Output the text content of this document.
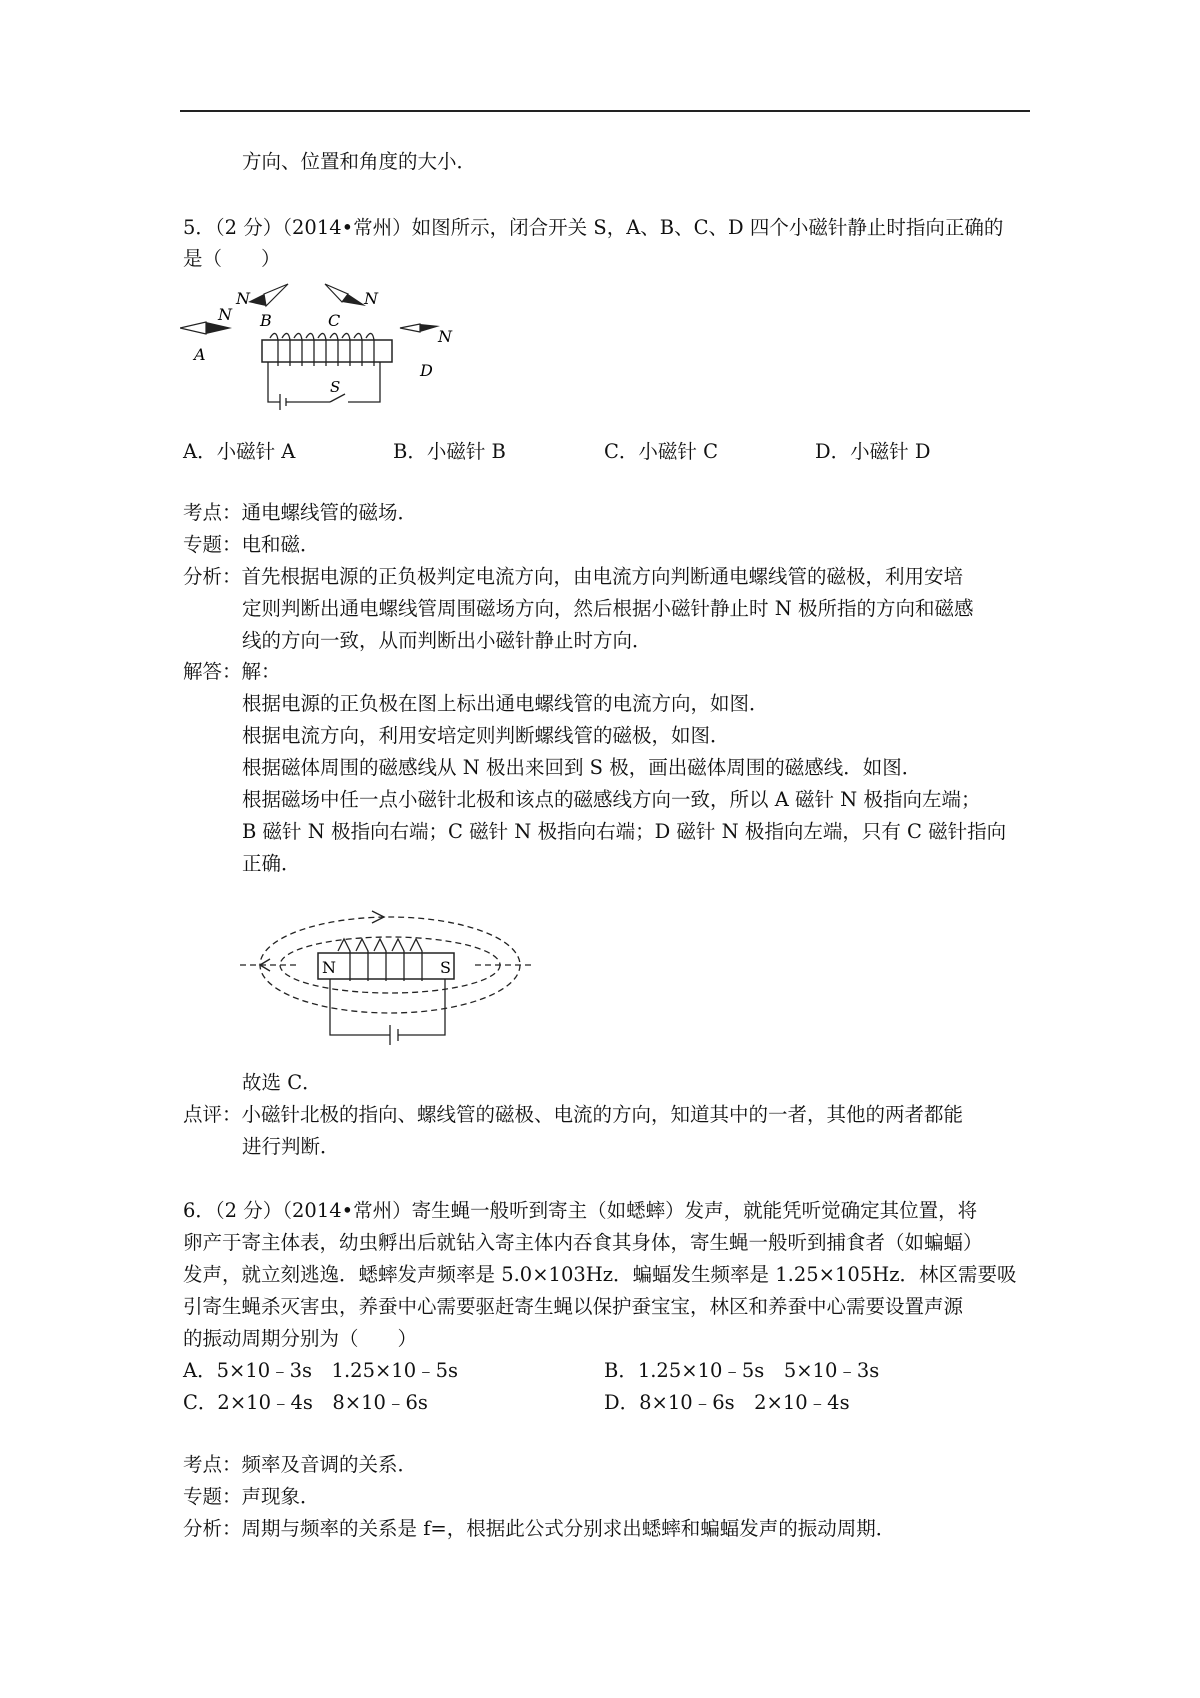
方向、位置和角度的大小．
5．（2 分）（2014•常州）如图所示，闭合开关 S，A、B、C、D 四个小磁针静止时指向正确的
是（　　）
N
A
N
B
N
C
N
D
S
A．小磁针 A	B．小磁针 B	C．小磁针 C	D．小磁针 D
考点：通电螺线管的磁场．
专题：电和磁．
分析：首先根据电源的正负极判定电流方向，由电流方向判断通电螺线管的磁极，利用安培
定则判断出通电螺线管周围磁场方向，然后根据小磁针静止时 N 极所指的方向和磁感
线的方向一致，从而判断出小磁针静止时方向．
解答：解：
根据电源的正负极在图上标出通电螺线管的电流方向，如图．
根据电流方向，利用安培定则判断螺线管的磁极，如图．
根据磁体周围的磁感线从 N 极出来回到 S 极，画出磁体周围的磁感线．如图．
根据磁场中任一点小磁针北极和该点的磁感线方向一致，所以 A 磁针 N 极指向左端；
B 磁针 N 极指向右端；C 磁针 N 极指向右端；D 磁针 N 极指向左端，只有 C 磁针指向
正确．
N	S
故选 C．
点评：小磁针北极的指向、螺线管的磁极、电流的方向，知道其中的一者，其他的两者都能
进行判断．
6．（2 分）（2014•常州）寄生蝇一般听到寄主（如蟋蟀）发声，就能凭听觉确定其位置，将
卵产于寄主体表，幼虫孵出后就钻入寄主体内吞食其身体，寄生蝇一般听到捕食者（如蝙蝠）
发声，就立刻逃逸．蟋蟀发声频率是 5.0×103Hz．蝙蝠发生频率是 1.25×105Hz．林区需要吸
引寄生蝇杀灭害虫，养蚕中心需要驱赶寄生蝇以保护蚕宝宝，林区和养蚕中心需要设置声源
的振动周期分别为（　　）
A．5×10﹣3s　1.25×10﹣5s	B．1.25×10﹣5s　5×10﹣3s
C．2×10﹣4s　8×10﹣6s	D．8×10﹣6s　2×10﹣4s
考点：频率及音调的关系．
专题：声现象．
分析：周期与频率的关系是 f=，根据此公式分别求出蟋蟀和蝙蝠发声的振动周期．
